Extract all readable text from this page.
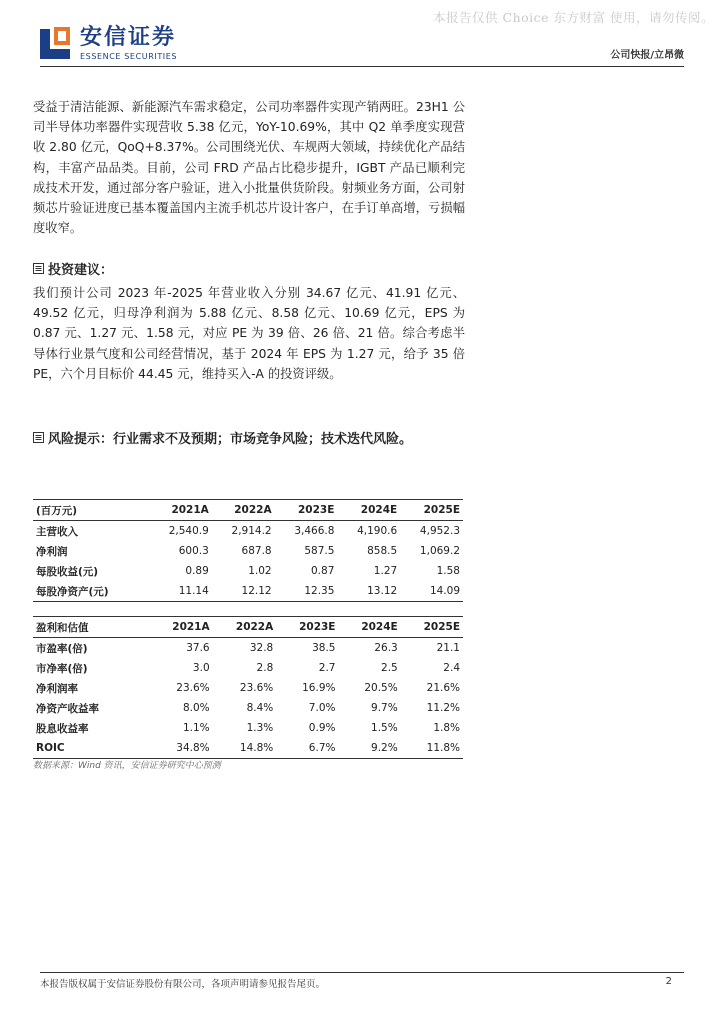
本报告仅供 Choice 东方财富 使用，请勿传阅。
安信证券
ESSENCE SECURITIES	公司快报/立昂微
受益于清洁能源、新能源汽车需求稳定，公司功率器件实现产销两旺。23H1 公司半导体功率器件实现营收 5.38 亿元，YoY-10.69%，其中 Q2 单季度实现营收 2.80 亿元，QoQ+8.37%。公司围绕光伏、车规两大领域，持续优化产品结构，丰富产品品类。目前，公司 FRD 产品占比稳步提升，IGBT 产品已顺利完成技术开发，通过部分客户验证，进入小批量供货阶段。射频业务方面，公司射频芯片验证进度已基本覆盖国内主流手机芯片设计客户，在手订单高增，亏损幅度收窄。
投资建议：
我们预计公司 2023 年-2025 年营业收入分别 34.67 亿元、41.91 亿元、49.52 亿元，归母净利润为 5.88 亿元、8.58 亿元、10.69 亿元，EPS 为 0.87 元、1.27 元、1.58 元，对应 PE 为 39 倍、26 倍、21 倍。综合考虑半导体行业景气度和公司经营情况，基于 2024 年 EPS 为 1.27 元，给予 35 倍 PE，六个月目标价 44.45 元，维持买入-A 的投资评级。
风险提示：行业需求不及预期；市场竞争风险；技术迭代风险。
(百万元)	2021A	2022A	2023E	2024E	2025E
主营收入	2,540.9	2,914.2	3,466.8	4,190.6	4,952.3
净利润	600.3	687.8	587.5	858.5	1,069.2
每股收益(元)	0.89	1.02	0.87	1.27	1.58
每股净资产(元)	11.14	12.12	12.35	13.12	14.09
盈利和估值	2021A	2022A	2023E	2024E	2025E
市盈率(倍)	37.6	32.8	38.5	26.3	21.1
市净率(倍)	3.0	2.8	2.7	2.5	2.4
净利润率	23.6%	23.6%	16.9%	20.5%	21.6%
净资产收益率	8.0%	8.4%	7.0%	9.7%	11.2%
股息收益率	1.1%	1.3%	0.9%	1.5%	1.8%
ROIC	34.8%	14.8%	6.7%	9.2%	11.8%
数据来源：Wind 资讯，安信证券研究中心预测
本报告版权属于安信证券股份有限公司，各项声明请参见报告尾页。	2
